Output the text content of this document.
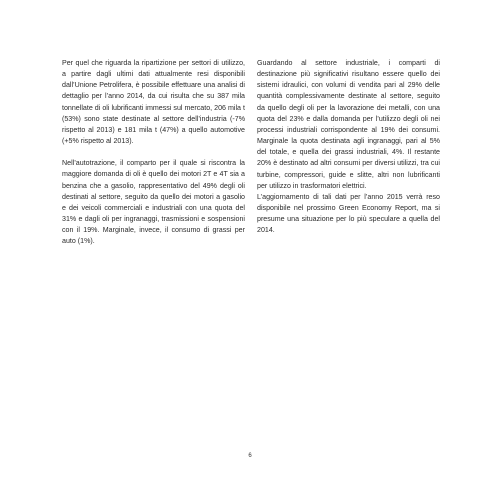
Per quel che riguarda la ripartizione per settori di utilizzo, a partire dagli ultimi dati attualmente resi disponibili dall’Unione Petrolifera, è possibile effettuare una analisi di dettaglio per l’anno 2014, da cui risulta che su 387 mila tonnellate di oli lubrificanti immessi sul mercato, 206 mila t (53%) sono state destinate al settore dell’industria (-7% rispetto al 2013) e 181 mila t (47%) a quello automotive (+5% rispetto al 2013).

Nell’autotrazione, il comparto per il quale si riscontra la maggiore domanda di oli è quello dei motori 2T e 4T sia a benzina che a gasolio, rappresentativo del 49% degli oli destinati al settore, seguito da quello dei motori a gasolio e dei veicoli commerciali e industriali con una quota del 31% e dagli oli per ingranaggi, trasmissioni e sospensioni con il 19%. Marginale, invece, il consumo di grassi per auto (1%).

Guardando al settore industriale, i comparti di destinazione più significativi risultano essere quello dei sistemi idraulici, con volumi di vendita pari al 29% delle quantità complessivamente destinate al settore, seguito da quello degli oli per la lavorazione dei metalli, con una quota del 23% e dalla domanda per l’utilizzo degli oli nei processi industriali corrispondente al 19% dei consumi. Marginale la quota destinata agli ingranaggi, pari al 5% del totale, e quella dei grassi industriali, 4%. Il restante 20% è destinato ad altri consumi per diversi utilizzi, tra cui turbine, compressori, guide e slitte, altri non lubrificanti per utilizzo in trasformatori elettrici.

L’aggiornamento di tali dati per l’anno 2015 verrà reso disponibile nel prossimo Green Economy Report, ma si presume una situazione per lo più speculare a quella del 2014.

6
